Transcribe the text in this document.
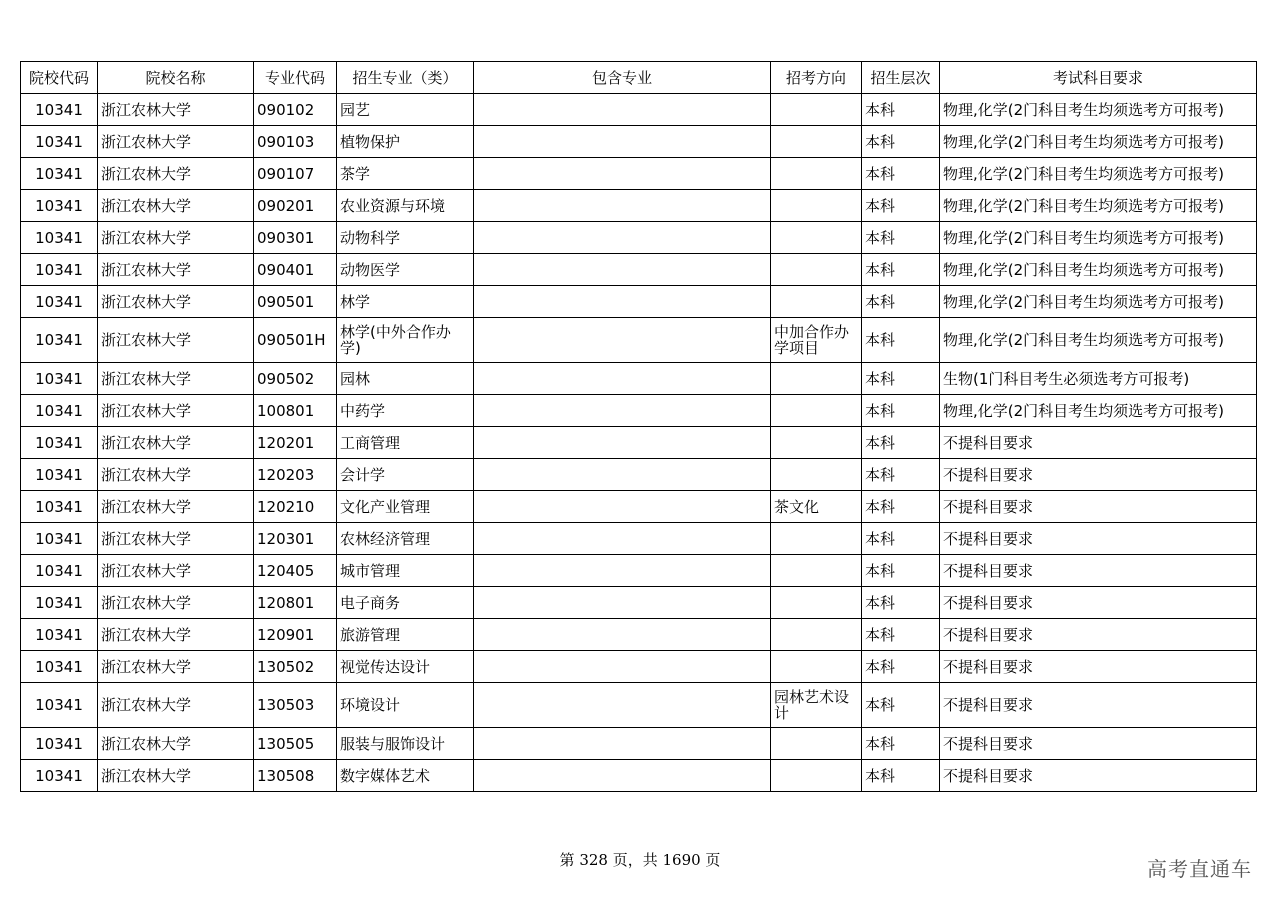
院校代码	院校名称	专业代码	招生专业（类）	包含专业	招考方向	招生层次	考试科目要求
10341	浙江农林大学	090102	园艺			本科	物理,化学(2门科目考生均须选考方可报考)
10341	浙江农林大学	090103	植物保护			本科	物理,化学(2门科目考生均须选考方可报考)
10341	浙江农林大学	090107	茶学			本科	物理,化学(2门科目考生均须选考方可报考)
10341	浙江农林大学	090201	农业资源与环境			本科	物理,化学(2门科目考生均须选考方可报考)
10341	浙江农林大学	090301	动物科学			本科	物理,化学(2门科目考生均须选考方可报考)
10341	浙江农林大学	090401	动物医学			本科	物理,化学(2门科目考生均须选考方可报考)
10341	浙江农林大学	090501	林学			本科	物理,化学(2门科目考生均须选考方可报考)
10341	浙江农林大学	090501H	林学(中外合作办学)		中加合作办学项目	本科	物理,化学(2门科目考生均须选考方可报考)
10341	浙江农林大学	090502	园林			本科	生物(1门科目考生必须选考方可报考)
10341	浙江农林大学	100801	中药学			本科	物理,化学(2门科目考生均须选考方可报考)
10341	浙江农林大学	120201	工商管理			本科	不提科目要求
10341	浙江农林大学	120203	会计学			本科	不提科目要求
10341	浙江农林大学	120210	文化产业管理		茶文化	本科	不提科目要求
10341	浙江农林大学	120301	农林经济管理			本科	不提科目要求
10341	浙江农林大学	120405	城市管理			本科	不提科目要求
10341	浙江农林大学	120801	电子商务			本科	不提科目要求
10341	浙江农林大学	120901	旅游管理			本科	不提科目要求
10341	浙江农林大学	130502	视觉传达设计			本科	不提科目要求
10341	浙江农林大学	130503	环境设计		园林艺术设计	本科	不提科目要求
10341	浙江农林大学	130505	服装与服饰设计			本科	不提科目要求
10341	浙江农林大学	130508	数字媒体艺术			本科	不提科目要求
第 328 页，共 1690 页	高考直通车
